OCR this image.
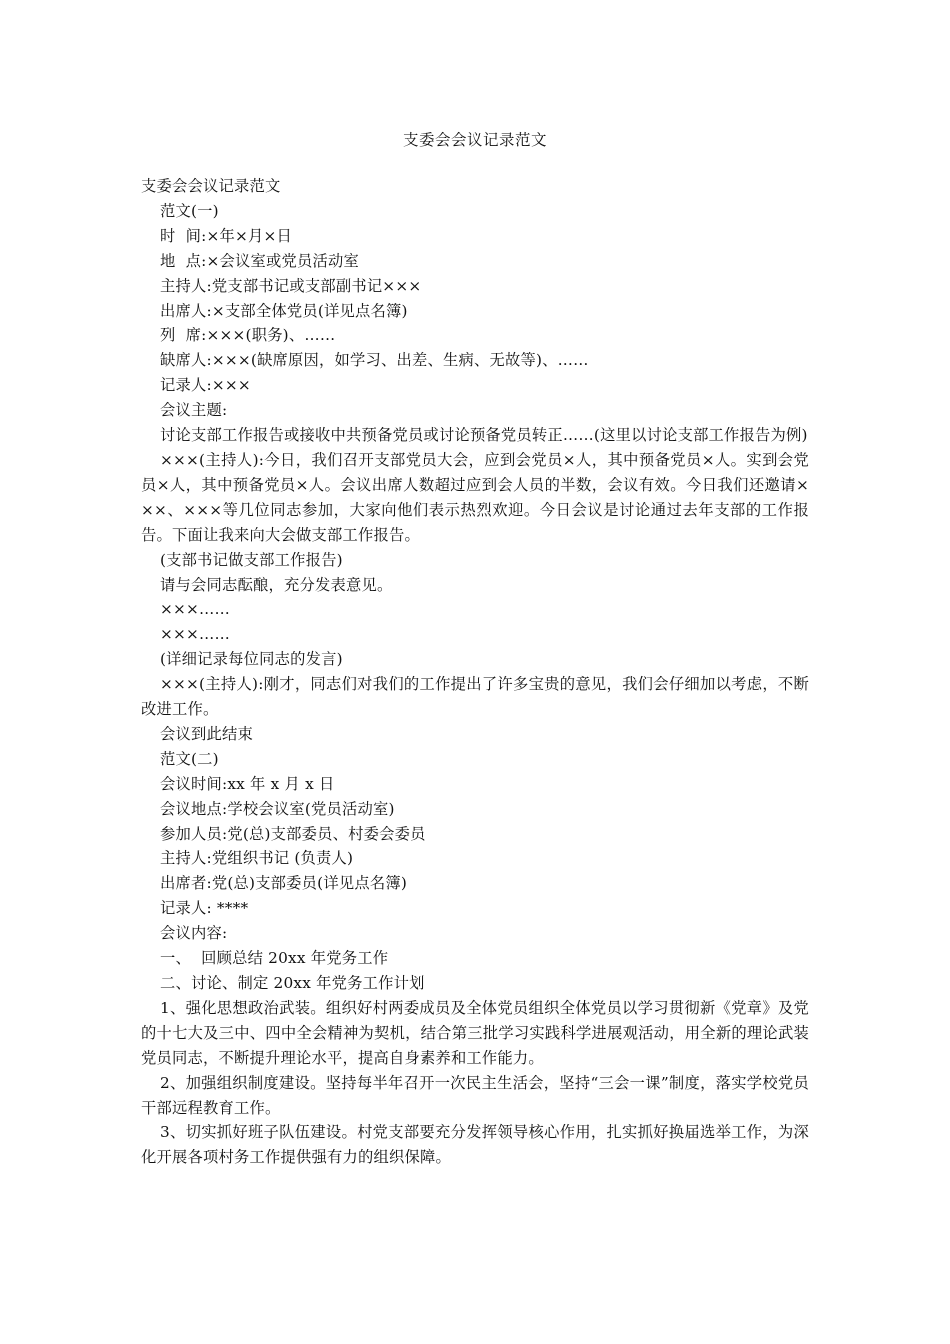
支委会会议记录范文

支委会会议记录范文

范文(一)

时  间:×年×月×日

地  点:×会议室或党员活动室

主持人:党支部书记或支部副书记×××

出席人:×支部全体党员(详见点名簿)

列  席:×××(职务)、……

缺席人:×××(缺席原因，如学习、出差、生病、无故等)、……

记录人:×××

会议主题:

讨论支部工作报告或接收中共预备党员或讨论预备党员转正……(这里以讨论支部工作报告为例)

×××(主持人):今日，我们召开支部党员大会，应到会党员×人，其中预备党员×人。实到会党员×人，其中预备党员×人。会议出席人数超过应到会人员的半数，会议有效。今日我们还邀请×××、×××等几位同志参加，大家向他们表示热烈欢迎。今日会议是讨论通过去年支部的工作报告。下面让我来向大会做支部工作报告。

(支部书记做支部工作报告)

请与会同志酝酿，充分发表意见。

×××……

×××……

(详细记录每位同志的发言)

×××(主持人):刚才，同志们对我们的工作提出了许多宝贵的意见，我们会仔细加以考虑，不断改进工作。

会议到此结束

范文(二)

会议时间:xx 年 x 月 x 日

会议地点:学校会议室(党员活动室)

参加人员:党(总)支部委员、村委会委员

主持人:党组织书记 (负责人)

出席者:党(总)支部委员(详见点名簿)

记录人: ****

会议内容:

一、  回顾总结 20xx 年党务工作

二、讨论、制定 20xx 年党务工作计划

1、强化思想政治武装。组织好村两委成员及全体党员组织全体党员以学习贯彻新《党章》及党的十七大及三中、四中全会精神为契机，结合第三批学习实践科学进展观活动，用全新的理论武装党员同志，不断提升理论水平，提高自身素养和工作能力。

2、加强组织制度建设。坚持每半年召开一次民主生活会，坚持“三会一课”制度，落实学校党员干部远程教育工作。

3、切实抓好班子队伍建设。村党支部要充分发挥领导核心作用，扎实抓好换届选举工作，为深化开展各项村务工作提供强有力的组织保障。
